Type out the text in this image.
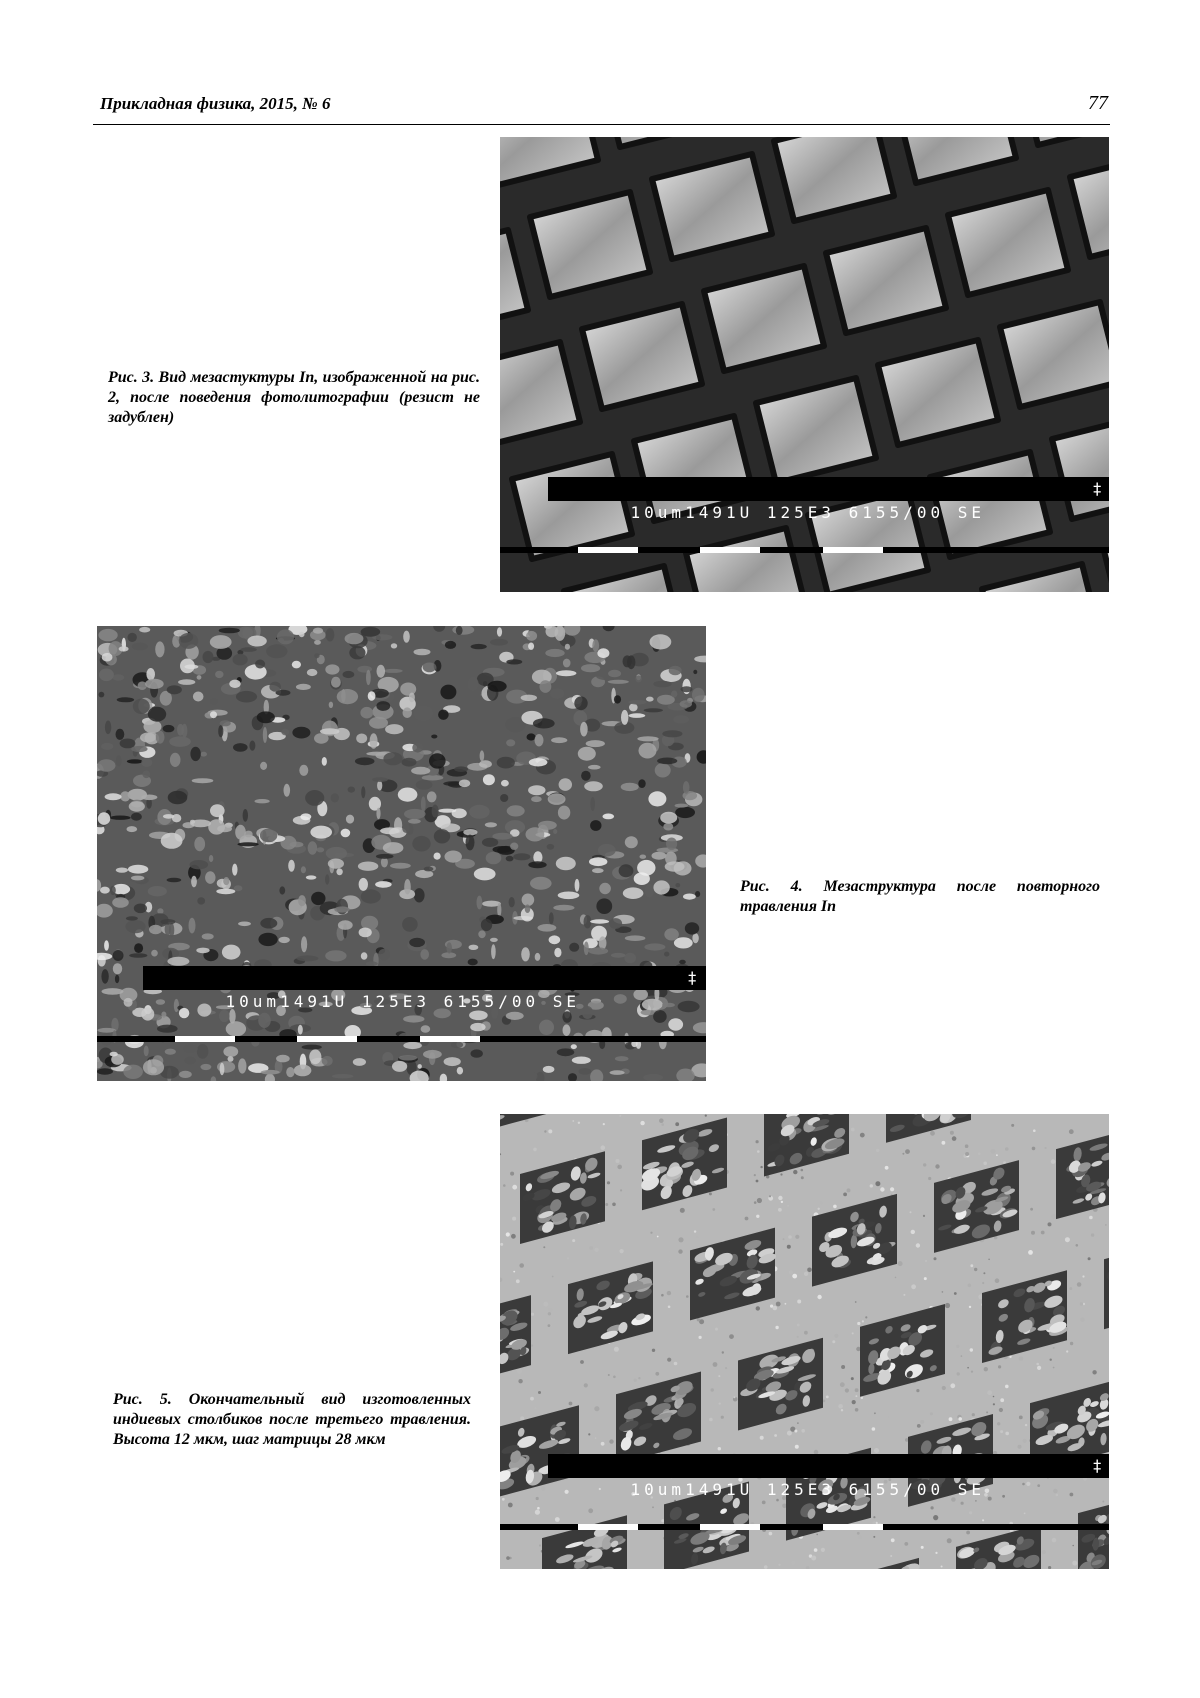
Прикладная физика, 2015, № 6	77

10um1491U 125E3 6155/00 SE

‡

Рис. 3. Вид мезастуктуры In, изображенной на рис. 2, после поведения фотолитографии (резист не задублен)

10um1491U 125E3 6155/00 SE

‡

Рис. 4. Мезаструктура после повторного травления In

10um1491U 125E3 6155/00 SE

‡

Рис. 5. Окончательный вид изготовленных индиевых столбиков после третьего травления. Высота 12 мкм, шаг матрицы 28 мкм
